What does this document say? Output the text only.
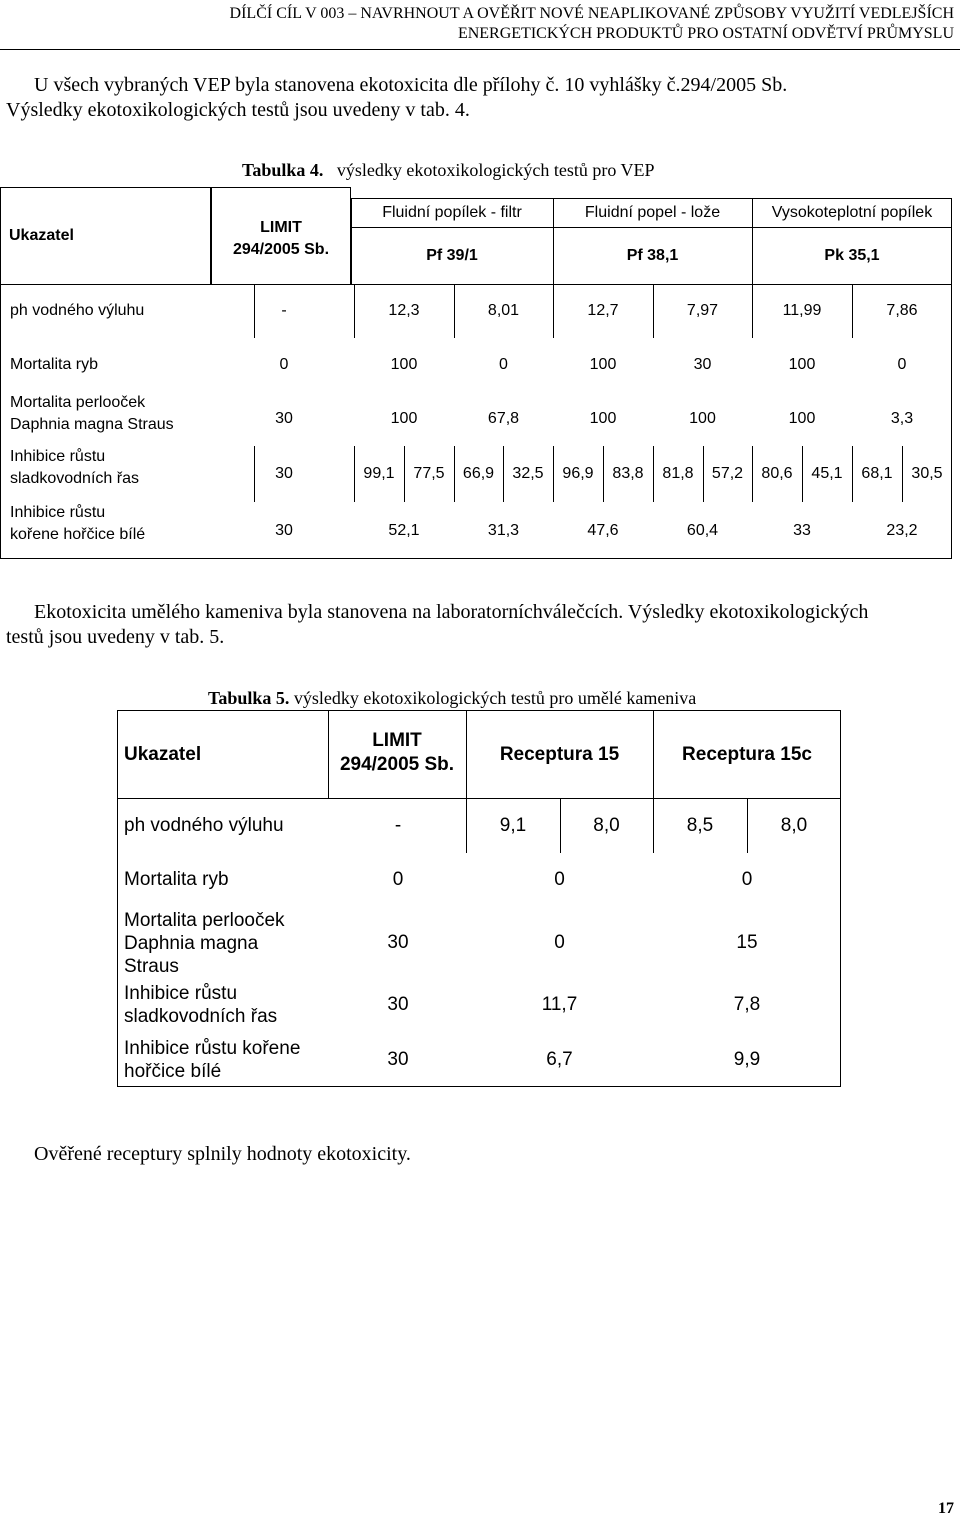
DÍLČÍ CÍL V 003 – NAVRHNOUT A OVĚŘIT NOVÉ NEAPLIKOVANÉ ZPŮSOBY VYUŽITÍ VEDLEJŠÍCH
ENERGETICKÝCH PRODUKTŮ PRO OSTATNÍ ODVĚTVÍ PRŮMYSLU
U všech vybraných VEP byla stanovena ekotoxicita dle přílohy č. 10 vyhlášky č.294/2005 Sb.
Výsledky ekotoxikologických testů jsou uvedeny v tab. 4.
Tabulka 4. výsledky ekotoxikologických testů pro VEP
Ukazatel	LIMIT
294/2005 Sb.
Fluidní popílek - filtr	Fluidní popel - lože	Vysokoteplotní popílek
Pf 39/1	Pf 38,1	Pk 35,1
ph vodného výluhu	-	12,3	8,01	12,7	7,97	11,99	7,86
Mortalita ryb	0	100	0	100	30	100	0
Mortalita perlooček
Daphnia magna Straus	30	100	67,8	100	100	100	3,3
Inhibice růstu
sladkovodních řas	30	99,1	77,5	66,9	32,5	96,9	83,8	81,8	57,2	80,6	45,1	68,1	30,5
Inhibice růstu
kořene hořčice bílé	30	52,1	31,3	47,6	60,4	33	23,2
Ekotoxicita umělého kameniva byla stanovena na laboratorníchválečcích. Výsledky ekotoxikologických
testů jsou uvedeny v tab. 5.
Tabulka 5. výsledky ekotoxikologických testů pro umělé kameniva
Ukazatel
LIMIT
294/2005 Sb.	Receptura 15	Receptura 15c
ph vodného výluhu	-	9,1	8,0	8,5	8,0
Mortalita ryb	0	0	0
Mortalita perlooček Daphnia magna Straus
30	0	15
Inhibice růstu sladkovodních řas
30	11,7	7,8
Inhibice růstu kořene hořčice bílé
30	6,7	9,9
Ověřené receptury splnily hodnoty ekotoxicity.
17
